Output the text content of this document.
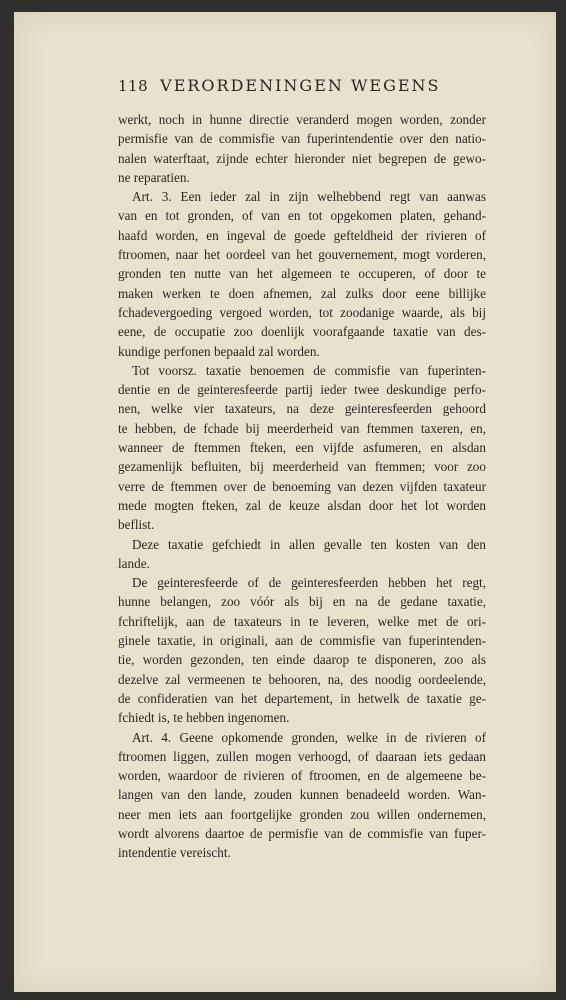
118 VERORDENINGEN WEGENS
werkt, noch in hunne directie veranderd mogen worden, zonder
permisfie van de commisfie van fuperintendentie over den natio-
nalen waterftaat, zijnde echter hieronder niet begrepen de gewo-
ne reparatien.
Art. 3. Een ieder zal in zijn welhebbend regt van aanwas
van en tot gronden, of van en tot opgekomen platen, gehand-
haafd worden, en ingeval de goede gefteldheid der rivieren of
ftroomen, naar het oordeel van het gouvernement, mogt vorderen,
gronden ten nutte van het algemeen te occuperen, of door te
maken werken te doen afnemen, zal zulks door eene billijke
fchadevergoeding vergoed worden, tot zoodanige waarde, als bij
eene, de occupatie zoo doenlijk voorafgaande taxatie van des-
kundige perfonen bepaald zal worden.
Tot voorsz. taxatie benoemen de commisfie van fuperinten-
dentie en de geinteresfeerde partij ieder twee deskundige perfo-
nen, welke vier taxateurs, na deze geinteresfeerden gehoord
te hebben, de fchade bij meerderheid van ftemmen taxeren, en,
wanneer de ftemmen fteken, een vijfde asfumeren, en alsdan
gezamenlijk befluiten, bij meerderheid van ftemmen; voor zoo
verre de ftemmen over de benoeming van dezen vijfden taxateur
mede mogten fteken, zal de keuze alsdan door het lot worden
beflist.
Deze taxatie gefchiedt in allen gevalle ten kosten van den
lande.
De geinteresfeerde of de geinteresfeerden hebben het regt,
hunne belangen, zoo vóór als bij en na de gedane taxatie,
fchriftelijk, aan de taxateurs in te leveren, welke met de ori-
ginele taxatie, in originali, aan de commisfie van fuperintenden-
tie, worden gezonden, ten einde daarop te disponeren, zoo als
dezelve zal vermeenen te behooren, na, des noodig oordeelende,
de confideratien van het departement, in hetwelk de taxatie ge-
fchiedt is, te hebben ingenomen.
Art. 4. Geene opkomende gronden, welke in de rivieren of
ftroomen liggen, zullen mogen verhoogd, of daaraan iets gedaan
worden, waardoor de rivieren of ftroomen, en de algemeene be-
langen van den lande, zouden kunnen benadeeld worden. Wan-
neer men iets aan foortgelijke gronden zou willen ondernemen,
wordt alvorens daartoe de permisfie van de commisfie van fuper-
intendentie vereischt.
